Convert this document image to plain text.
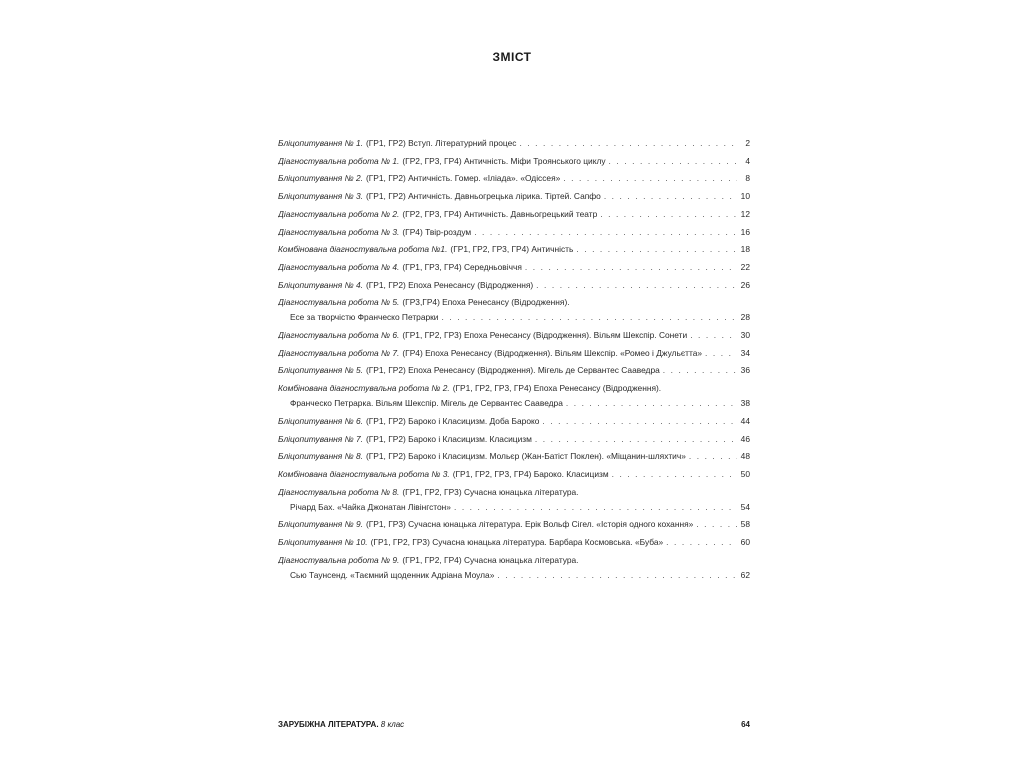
ЗМІСТ
Бліцопитування № 1. (ГР1, ГР2) Вступ. Літературний процес . . .	2
Діагностувальна робота № 1. (ГР2, ГР3, ГР4) Античність. Міфи Троянського циклу . . .	4
Бліцопитування № 2. (ГР1, ГР2) Античність. Гомер. «Іліада». «Одіссея» . . .	8
Бліцопитування № 3. (ГР1, ГР2) Античність. Давньогрецька лірика. Тіртей. Сапфо . . .	10
Діагностувальна робота № 2. (ГР2, ГР3, ГР4) Античність. Давньогрецький театр . . .	12
Діагностувальна робота № 3. (ГР4) Твір-роздум . . .	16
Комбінована діагностувальна робота №1. (ГР1, ГР2, ГР3, ГР4) Античність . . .	18
Діагностувальна робота № 4. (ГР1, ГР3, ГР4) Середньовіччя . . .	22
Бліцопитування № 4. (ГР1, ГР2) Епоха Ренесансу (Відродження) . . .	26
Діагностувальна робота № 5. (ГР3,ГР4) Епоха Ренесансу (Відродження).
Есе за творчістю Франческо Петрарки . . .	28
Діагностувальна робота № 6. (ГР1, ГР2, ГР3) Епоха Ренесансу (Відродження). Вільям Шекспір. Сонети . . .	30
Діагностувальна робота № 7. (ГР4) Епоха Ренесансу (Відродження). Вільям Шекспір. «Ромео і Джульєтта» . . .	34
Бліцопитування № 5. (ГР1, ГР2) Епоха Ренесансу (Відродження). Мігель де Сервантес Сааведра . . .	36
Комбінована діагностувальна робота № 2. (ГР1, ГР2, ГР3, ГР4) Епоха Ренесансу (Відродження).
Франческо Петрарка. Вільям Шекспір. Мігель де Сервантес Сааведра . . .	38
Бліцопитування № 6. (ГР1, ГР2) Бароко і Класицизм. Доба Бароко . . .	44
Бліцопитування № 7. (ГР1, ГР2) Бароко і Класицизм. Класицизм . . .	46
Бліцопитування № 8. (ГР1, ГР2) Бароко і Класицизм. Мольєр (Жан-Батіст Поклен). «Міщанин-шляхтич» . . .	48
Комбінована діагностувальна робота № 3. (ГР1, ГР2, ГР3, ГР4) Бароко. Класицизм . . .	50
Діагностувальна робота № 8. (ГР1, ГР2, ГР3) Сучасна юнацька література.
Річард Бах. «Чайка Джонатан Лівінгстон» . . .	54
Бліцопитування № 9. (ГР1, ГР3) Сучасна юнацька література. Ерік Вольф Сігел. «Історія одного кохання» . . .	58
Бліцопитування № 10. (ГР1, ГР2, ГР3) Сучасна юнацька література. Барбара Космовська. «Буба» . . .	60
Діагностувальна робота № 9. (ГР1, ГР2, ГР4) Сучасна юнацька література.
Сью Таунсенд. «Таємний щоденник Адріана Моула» . . .	62
ЗАРУБІЖНА ЛІТЕРАТУРА. 8 клас	64
